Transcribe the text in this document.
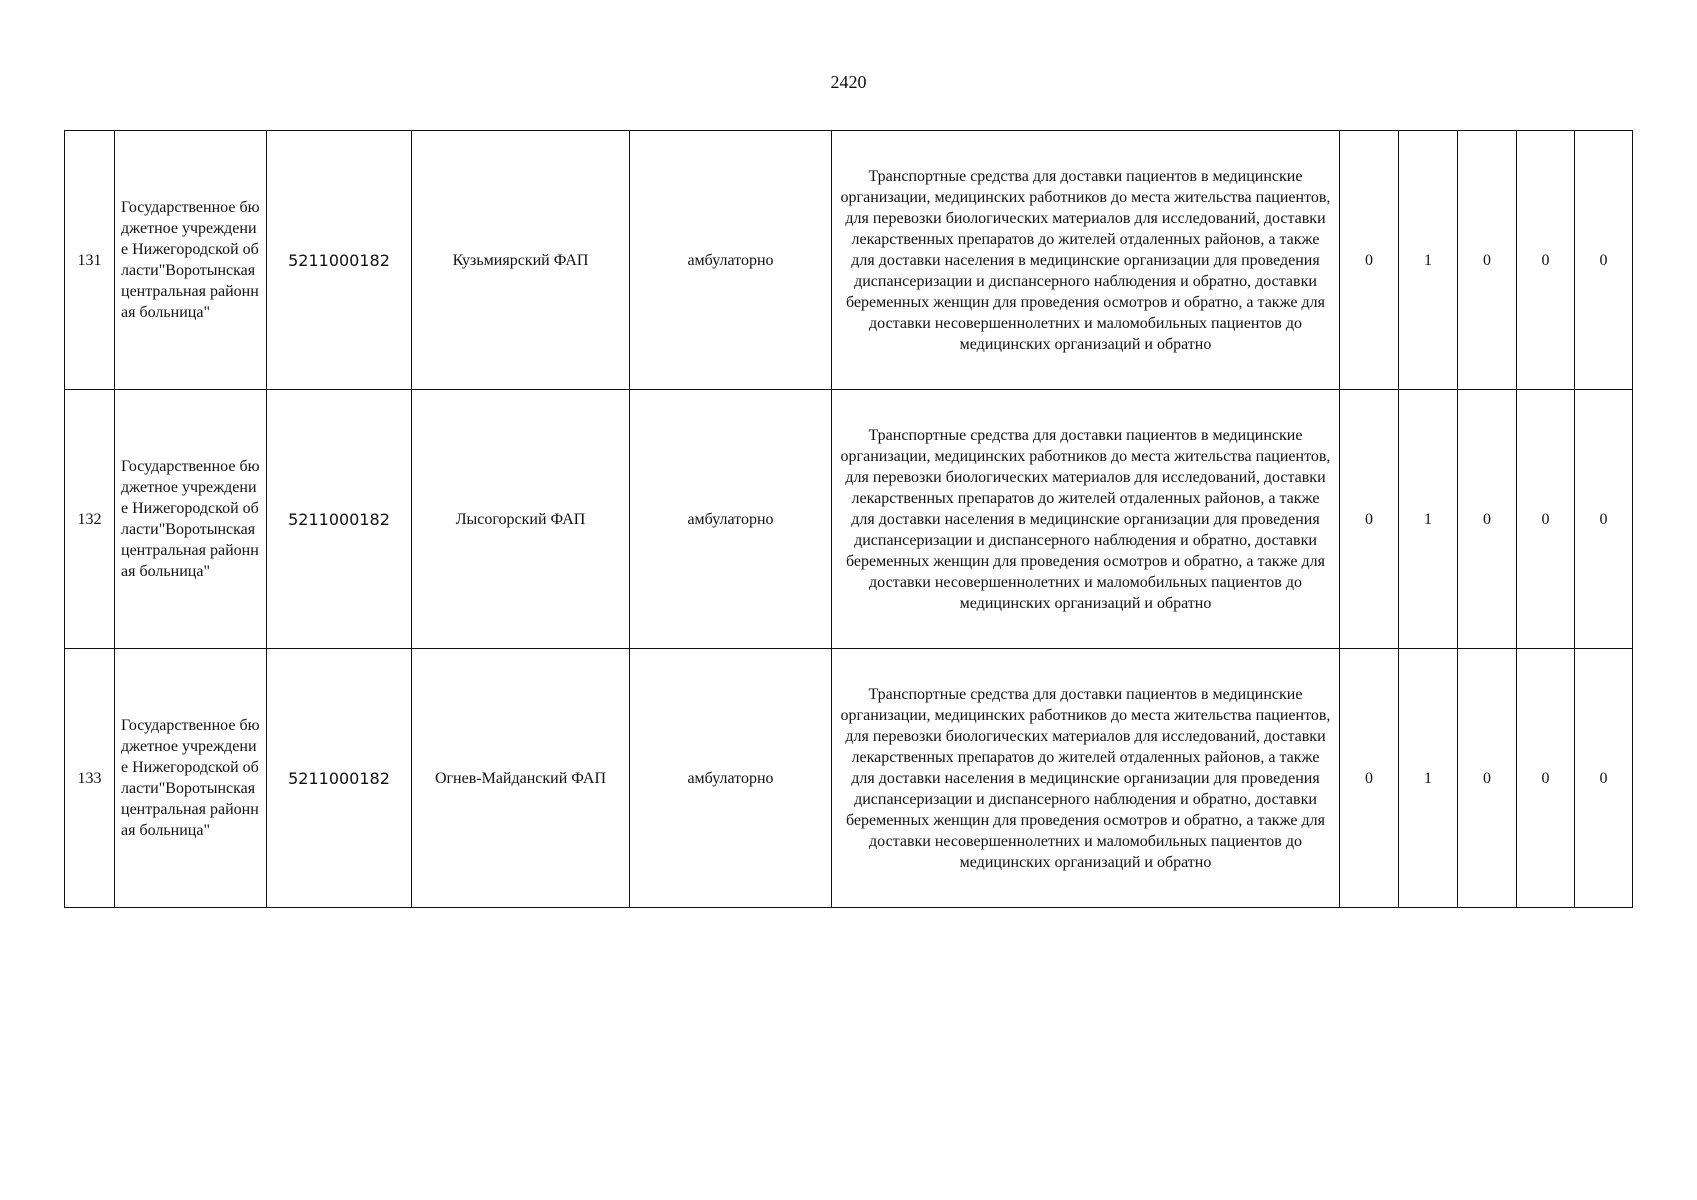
2420
131	Государственное бюджетное учреждение Нижегородской области"Воротынская центральная районная больница"	5211000182	Кузьмиярский ФАП	амбулаторно	Транспортные средства для доставки пациентов в медицинские организации, медицинских работников до места жительства пациентов, для перевозки биологических материалов для исследований, доставки лекарственных препаратов до жителей отдаленных районов, а также для доставки населения в медицинские организации для проведения диспансеризации и диспансерного наблюдения и обратно, доставки беременных женщин для проведения осмотров и обратно, а также для доставки несовершеннолетних и маломобильных пациентов до медицинских организаций и обратно	0	1	0	0	0
132	Государственное бюджетное учреждение Нижегородской области"Воротынская центральная районная больница"	5211000182	Лысогорский ФАП	амбулаторно	Транспортные средства для доставки пациентов в медицинские организации, медицинских работников до места жительства пациентов, для перевозки биологических материалов для исследований, доставки лекарственных препаратов до жителей отдаленных районов, а также для доставки населения в медицинские организации для проведения диспансеризации и диспансерного наблюдения и обратно, доставки беременных женщин для проведения осмотров и обратно, а также для доставки несовершеннолетних и маломобильных пациентов до медицинских организаций и обратно	0	1	0	0	0
133	Государственное бюджетное учреждение Нижегородской области"Воротынская центральная районная больница"	5211000182	Огнев-Майданский ФАП	амбулаторно	Транспортные средства для доставки пациентов в медицинские организации, медицинских работников до места жительства пациентов, для перевозки биологических материалов для исследований, доставки лекарственных препаратов до жителей отдаленных районов, а также для доставки населения в медицинские организации для проведения диспансеризации и диспансерного наблюдения и обратно, доставки беременных женщин для проведения осмотров и обратно, а также для доставки несовершеннолетних и маломобильных пациентов до медицинских организаций и обратно	0	1	0	0	0
